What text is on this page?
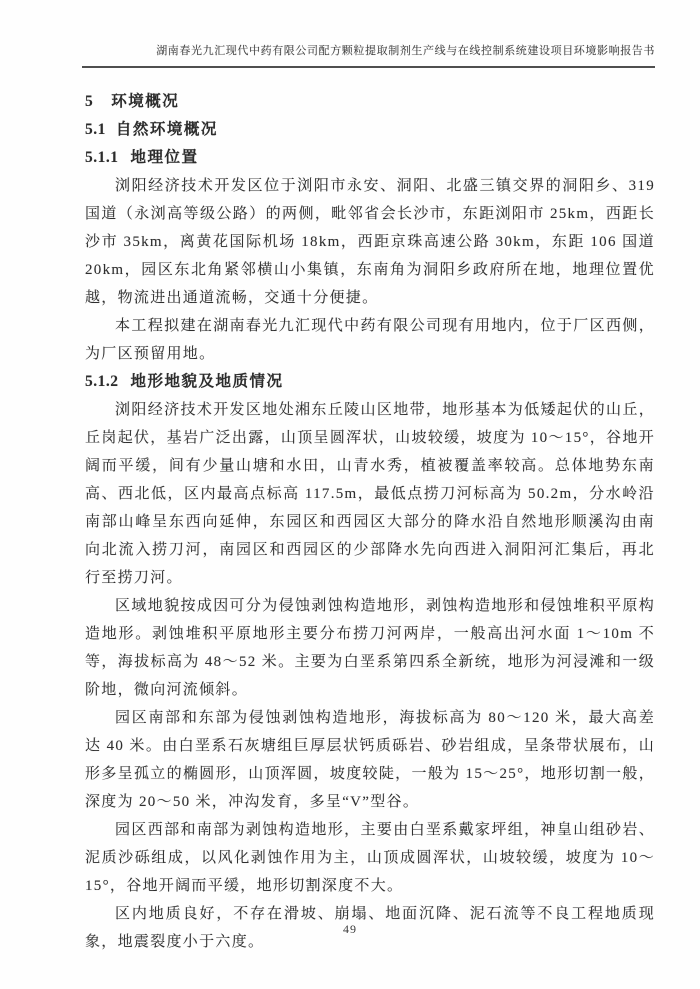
湖南春光九汇现代中药有限公司配方颗粒提取制剂生产线与在线控制系统建设项目环境影响报告书
5 环境概况
5.1 自然环境概况
5.1.1 地理位置

浏阳经济技术开发区位于浏阳市永安、洞阳、北盛三镇交界的洞阳乡、319 国道（永浏高等级公路）的两侧，毗邻省会长沙市，东距浏阳市 25km，西距长沙市 35km，离黄花国际机场 18km，西距京珠高速公路 30km，东距 106 国道 20km，园区东北角紧邻横山小集镇，东南角为洞阳乡政府所在地，地理位置优越，物流进出通道流畅，交通十分便捷。

本工程拟建在湖南春光九汇现代中药有限公司现有用地内，位于厂区西侧，为厂区预留用地。

5.1.2 地形地貌及地质情况

浏阳经济技术开发区地处湘东丘陵山区地带，地形基本为低矮起伏的山丘，丘岗起伏，基岩广泛出露，山顶呈圆浑状，山坡较缓，坡度为 10～15°，谷地开阔而平缓，间有少量山塘和水田，山青水秀，植被覆盖率较高。总体地势东南高、西北低，区内最高点标高 117.5m，最低点捞刀河标高为 50.2m，分水岭沿南部山峰呈东西向延伸，东园区和西园区大部分的降水沿自然地形顺溪沟由南向北流入捞刀河，南园区和西园区的少部降水先向西进入洞阳河汇集后，再北行至捞刀河。

区域地貌按成因可分为侵蚀剥蚀构造地形，剥蚀构造地形和侵蚀堆积平原构造地形。剥蚀堆积平原地形主要分布捞刀河两岸，一般高出河水面 1～10m 不等，海拔标高为 48～52 米。主要为白垩系第四系全新统，地形为河浸滩和一级阶地，微向河流倾斜。

园区南部和东部为侵蚀剥蚀构造地形，海拔标高为 80～120 米，最大高差达 40 米。由白垩系石灰塘组巨厚层状钙质砾岩、砂岩组成，呈条带状展布，山形多呈孤立的椭圆形，山顶浑圆，坡度较陡，一般为 15～25°，地形切割一般，深度为 20～50 米，冲沟发育，多呈“V”型谷。

园区西部和南部为剥蚀构造地形，主要由白垩系戴家坪组，神皇山组砂岩、泥质沙砾组成，以风化剥蚀作用为主，山顶成圆浑状，山坡较缓，坡度为 10～15°，谷地开阔而平缓，地形切割深度不大。

区内地质良好，不存在滑坡、崩塌、地面沉降、泥石流等不良工程地质现象，地震裂度小于六度。

49
